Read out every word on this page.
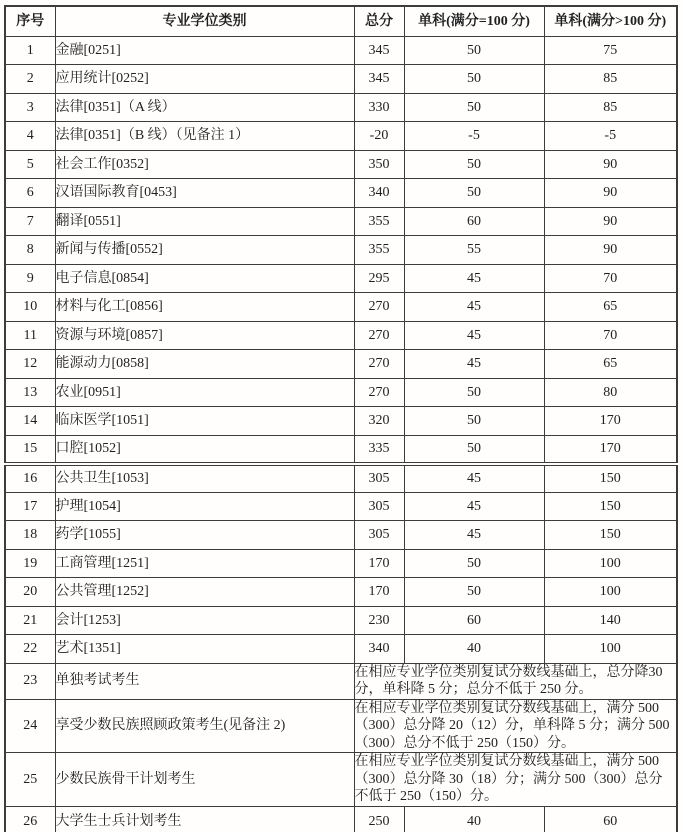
序号	专业学位类别	总分	单科(满分=100 分)	单科(满分>100 分)
1	金融[0251]	345	50	75
2	应用统计[0252]	345	50	85
3	法律[0351]（A 线）	330	50	85
4	法律[0351]（B 线）（见备注 1）	-20	-5	-5
5	社会工作[0352]	350	50	90
6	汉语国际教育[0453]	340	50	90
7	翻译[0551]	355	60	90
8	新闻与传播[0552]	355	55	90
9	电子信息[0854]	295	45	70
10	材料与化工[0856]	270	45	65
11	资源与环境[0857]	270	45	70
12	能源动力[0858]	270	45	65
13	农业[0951]	270	50	80
14	临床医学[1051]	320	50	170
15	口腔[1052]	335	50	170
16	公共卫生[1053]	305	45	150
17	护理[1054]	305	45	150
18	药学[1055]	305	45	150
19	工商管理[1251]	170	50	100
20	公共管理[1252]	170	50	100
21	会计[1253]	230	60	140
22	艺术[1351]	340	40	100
23	单独考试考生	在相应专业学位类别复试分数线基础上，总分降30 分，单科降 5 分；总分不低于 250 分。		
24	享受少数民族照顾政策考生(见备注 2)	在相应专业学位类别复试分数线基础上，满分 500（300）总分降 20（12）分，单科降 5 分；满分 500（300）总分不低于 250（150）分。		
25	少数民族骨干计划考生	在相应专业学位类别复试分数线基础上，满分 500（300）总分降 30（18）分；满分 500（300）总分不低于 250（150）分。		
26	大学生士兵计划考生	250	40	60
